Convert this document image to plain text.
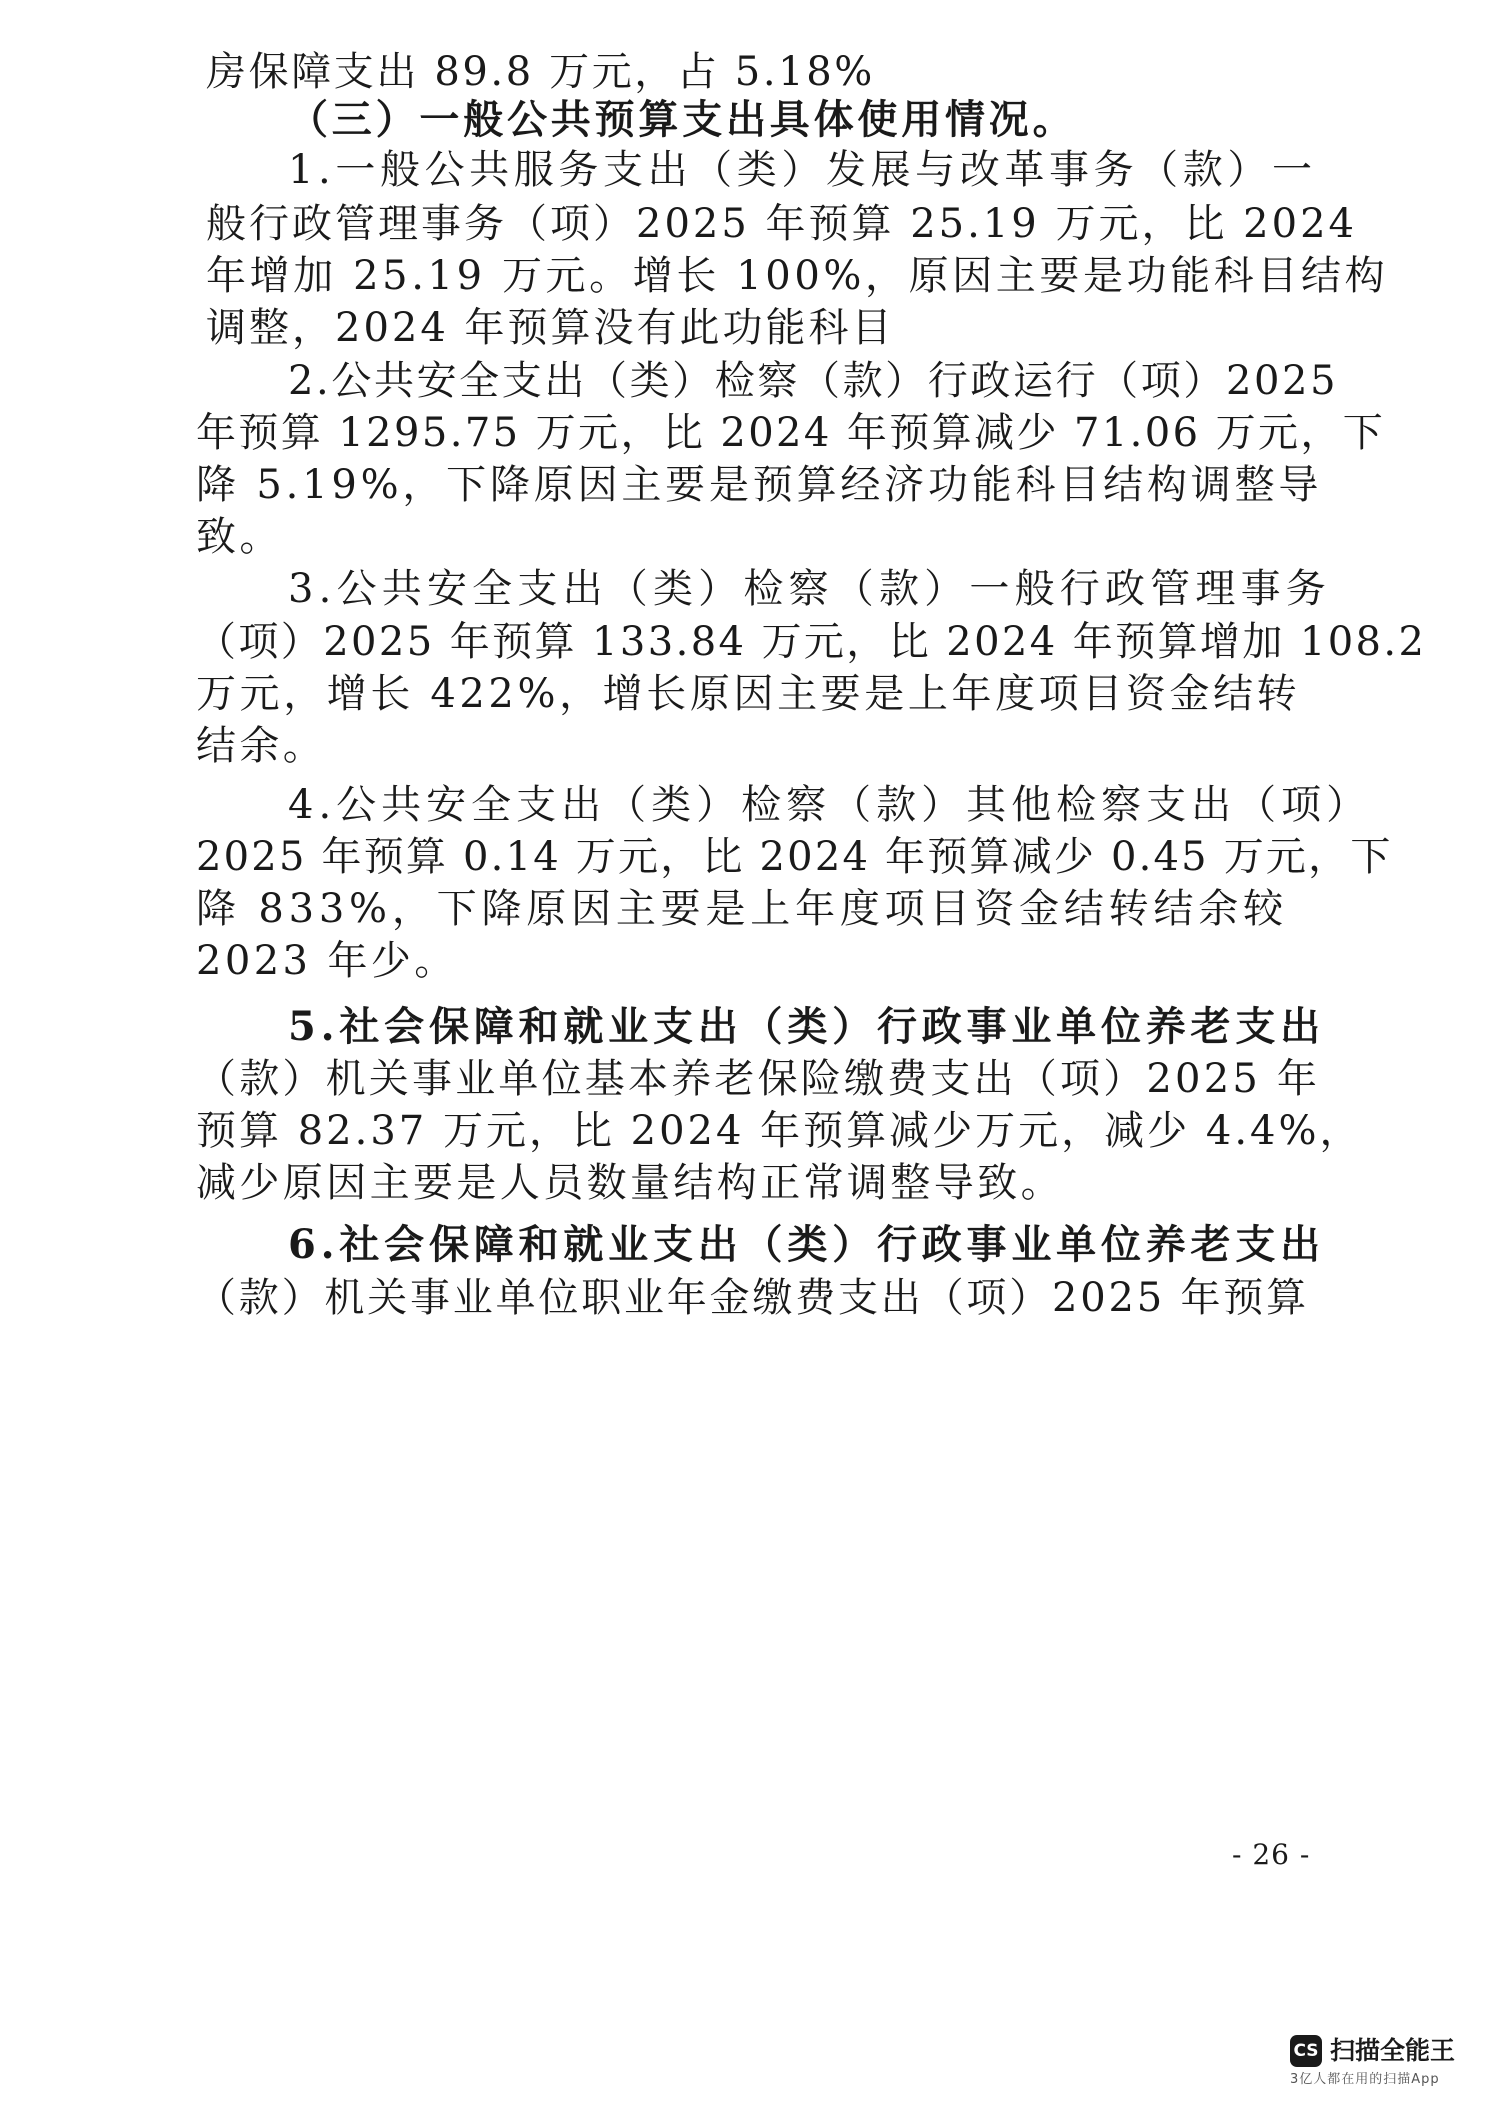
房保障支出 89.8 万元，占 5.18%
（三）一般公共预算支出具体使用情况。
1.一般公共服务支出（类）发展与改革事务（款）一
般行政管理事务（项）2025 年预算 25.19 万元，比 2024
年增加 25.19 万元。增长 100%，原因主要是功能科目结构
调整，2024 年预算没有此功能科目
2.公共安全支出（类）检察（款）行政运行（项）2025
年预算 1295.75 万元，比 2024 年预算减少 71.06 万元，下
降 5.19%，下降原因主要是预算经济功能科目结构调整导
致。
3.公共安全支出（类）检察（款）一般行政管理事务
（项）2025 年预算 133.84 万元，比 2024 年预算增加 108.2
万元，增长 422%，增长原因主要是上年度项目资金结转
结余。
4.公共安全支出（类）检察（款）其他检察支出（项）
2025 年预算 0.14 万元，比 2024 年预算减少 0.45 万元，下
降 833%，下降原因主要是上年度项目资金结转结余较
2023 年少。
5.社会保障和就业支出（类）行政事业单位养老支出
（款）机关事业单位基本养老保险缴费支出（项）2025 年
预算 82.37 万元，比 2024 年预算减少万元，减少 4.4%，
减少原因主要是人员数量结构正常调整导致。
6.社会保障和就业支出（类）行政事业单位养老支出
（款）机关事业单位职业年金缴费支出（项）2025 年预算
- 26 -
CS 扫描全能王
3亿人都在用的扫描App
